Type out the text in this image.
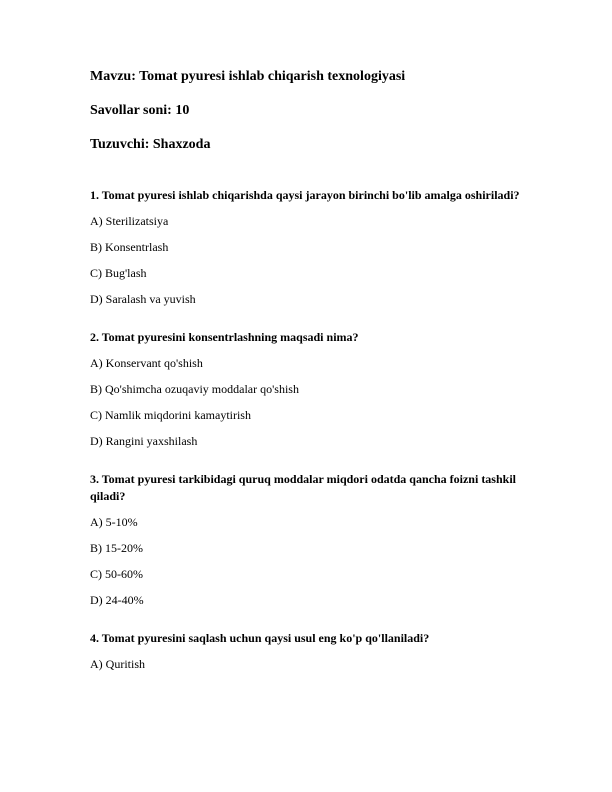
Mavzu: Tomat pyuresi ishlab chiqarish texnologiyasi
Savollar soni: 10
Tuzuvchi: Shaxzoda
1. Tomat pyuresi ishlab chiqarishda qaysi jarayon birinchi bo'lib amalga oshiriladi?
A) Sterilizatsiya
B) Konsentrlash
C) Bug'lash
D) Saralash va yuvish
2. Tomat pyuresini konsentrlashning maqsadi nima?
A) Konservant qo'shish
B) Qo'shimcha ozuqaviy moddalar qo'shish
C) Namlik miqdorini kamaytirish
D) Rangini yaxshilash
3. Tomat pyuresi tarkibidagi quruq moddalar miqdori odatda qancha foizni tashkil qiladi?
A) 5-10%
B) 15-20%
C) 50-60%
D) 24-40%
4. Tomat pyuresini saqlash uchun qaysi usul eng ko'p qo'llaniladi?
A) Quritish
